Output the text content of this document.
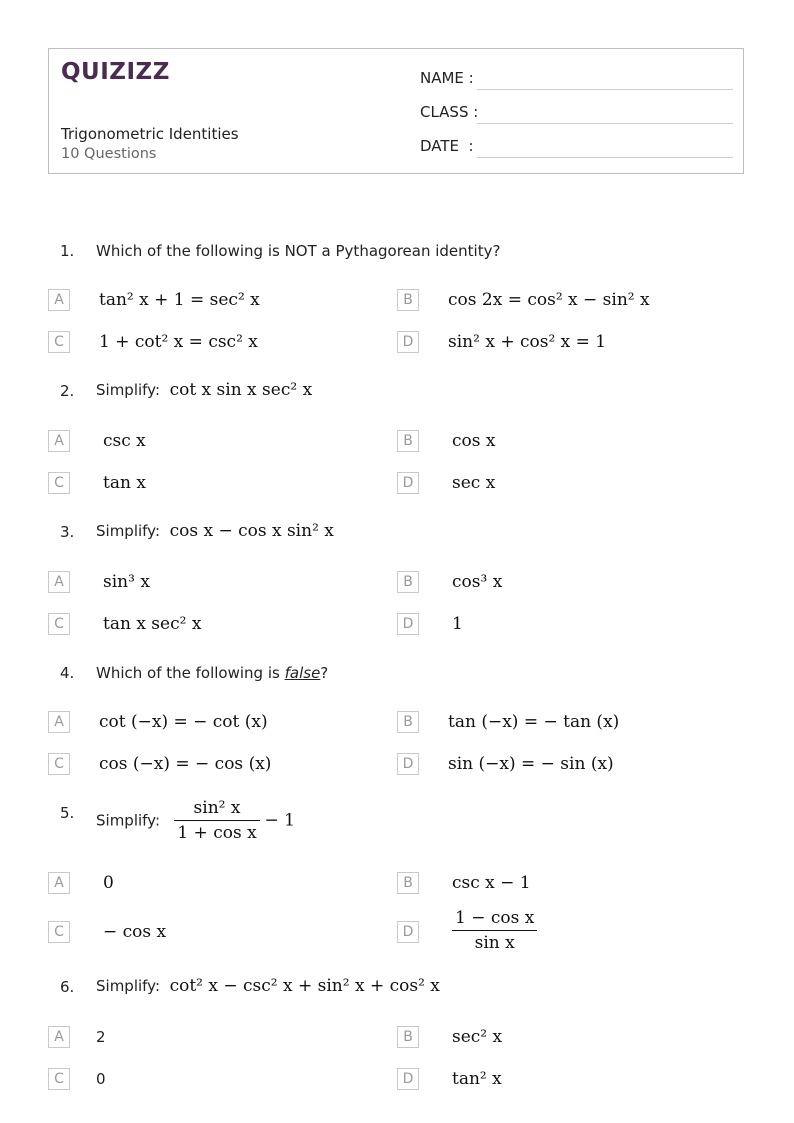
QUIZIZZ
Trigonometric Identities
10 Questions
NAME :
CLASS :
DATE  :
1. Which of the following is NOT a Pythagorean identity?
A	tan² x + 1 = sec² x	B	cos 2x = cos² x − sin² x
C	1 + cot² x = csc² x	D	sin² x + cos² x = 1
2. Simplify: cot x sin x sec² x
A	csc x	B	cos x
C	tan x	D	sec x
3. Simplify: cos x − cos x sin² x
A	sin³ x	B	cos³ x
C	tan x sec² x	D	1
4. Which of the following is false?
A	cot (−x) = − cot (x)	B	tan (−x) = − tan (x)
C	cos (−x) = − cos (x)	D	sin (−x) = − sin (x)
5. Simplify: $\frac{\text{sin² x}}{\text{1 + cos x}} - 1$
A	0	B	csc x − 1
C	− cos x	D	$\frac{\text{1 − cos x}}{\text{sin x}}$
6. Simplify: cot² x − csc² x + sin² x + cos² x
A	2	B	sec² x
C	0	D	tan² x
